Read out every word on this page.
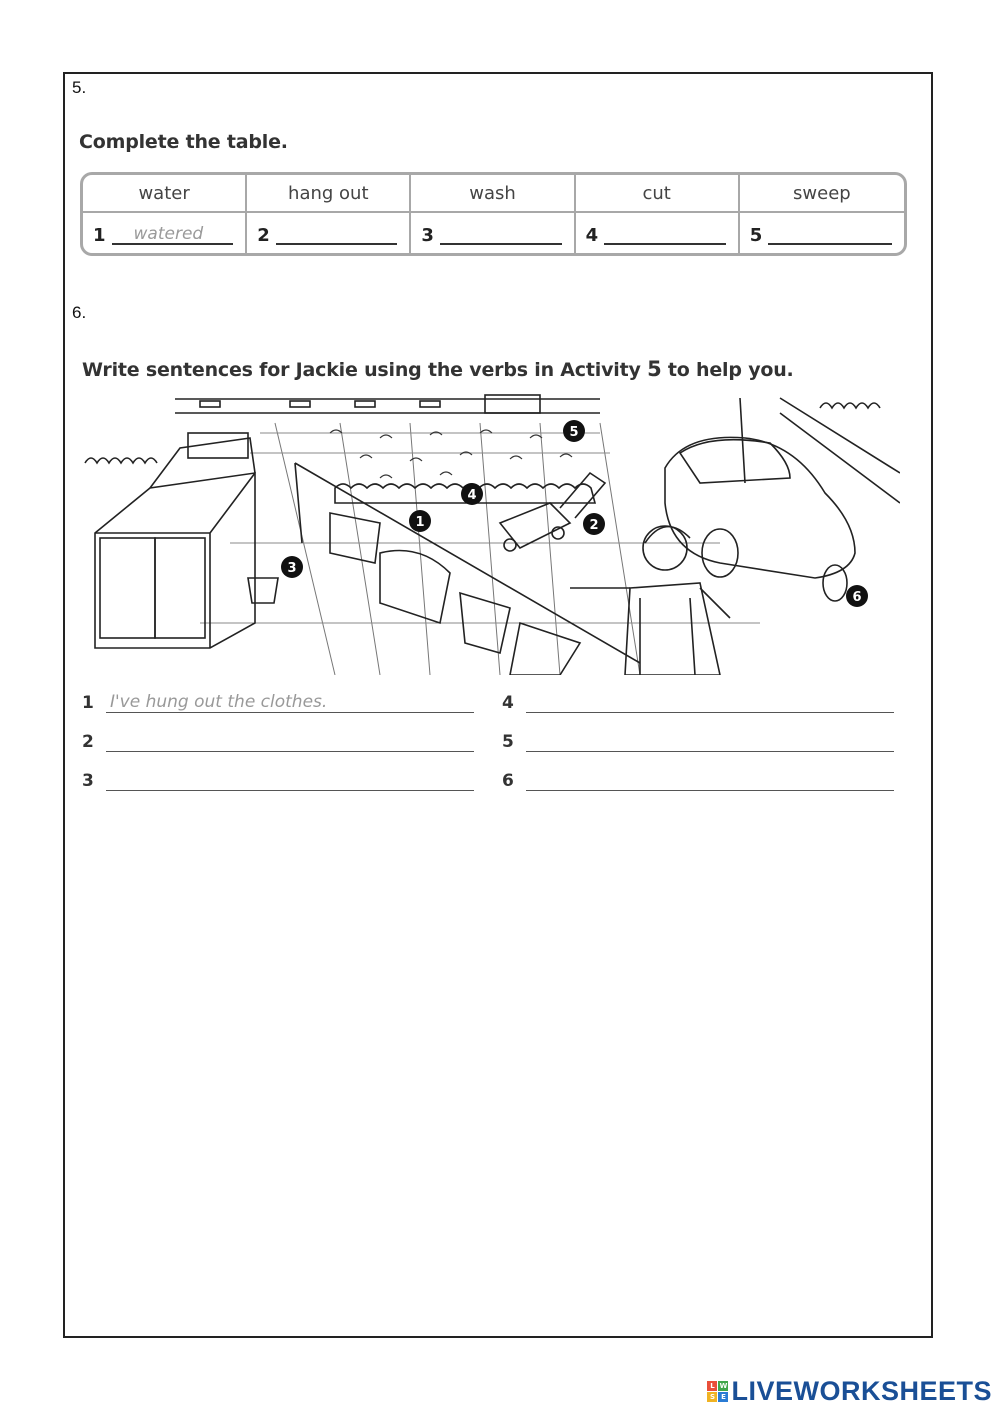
5.
Complete the table.
water	hang out	wash	cut	sweep
1 watered	2	3	4	5
6.
Write sentences for Jackie using the verbs in Activity 5 to help you.
1	2
3
4
5
6
1 I've hung out the clothes.
2
3
4
5
6
L W
S E LIVEWORKSHEETS
